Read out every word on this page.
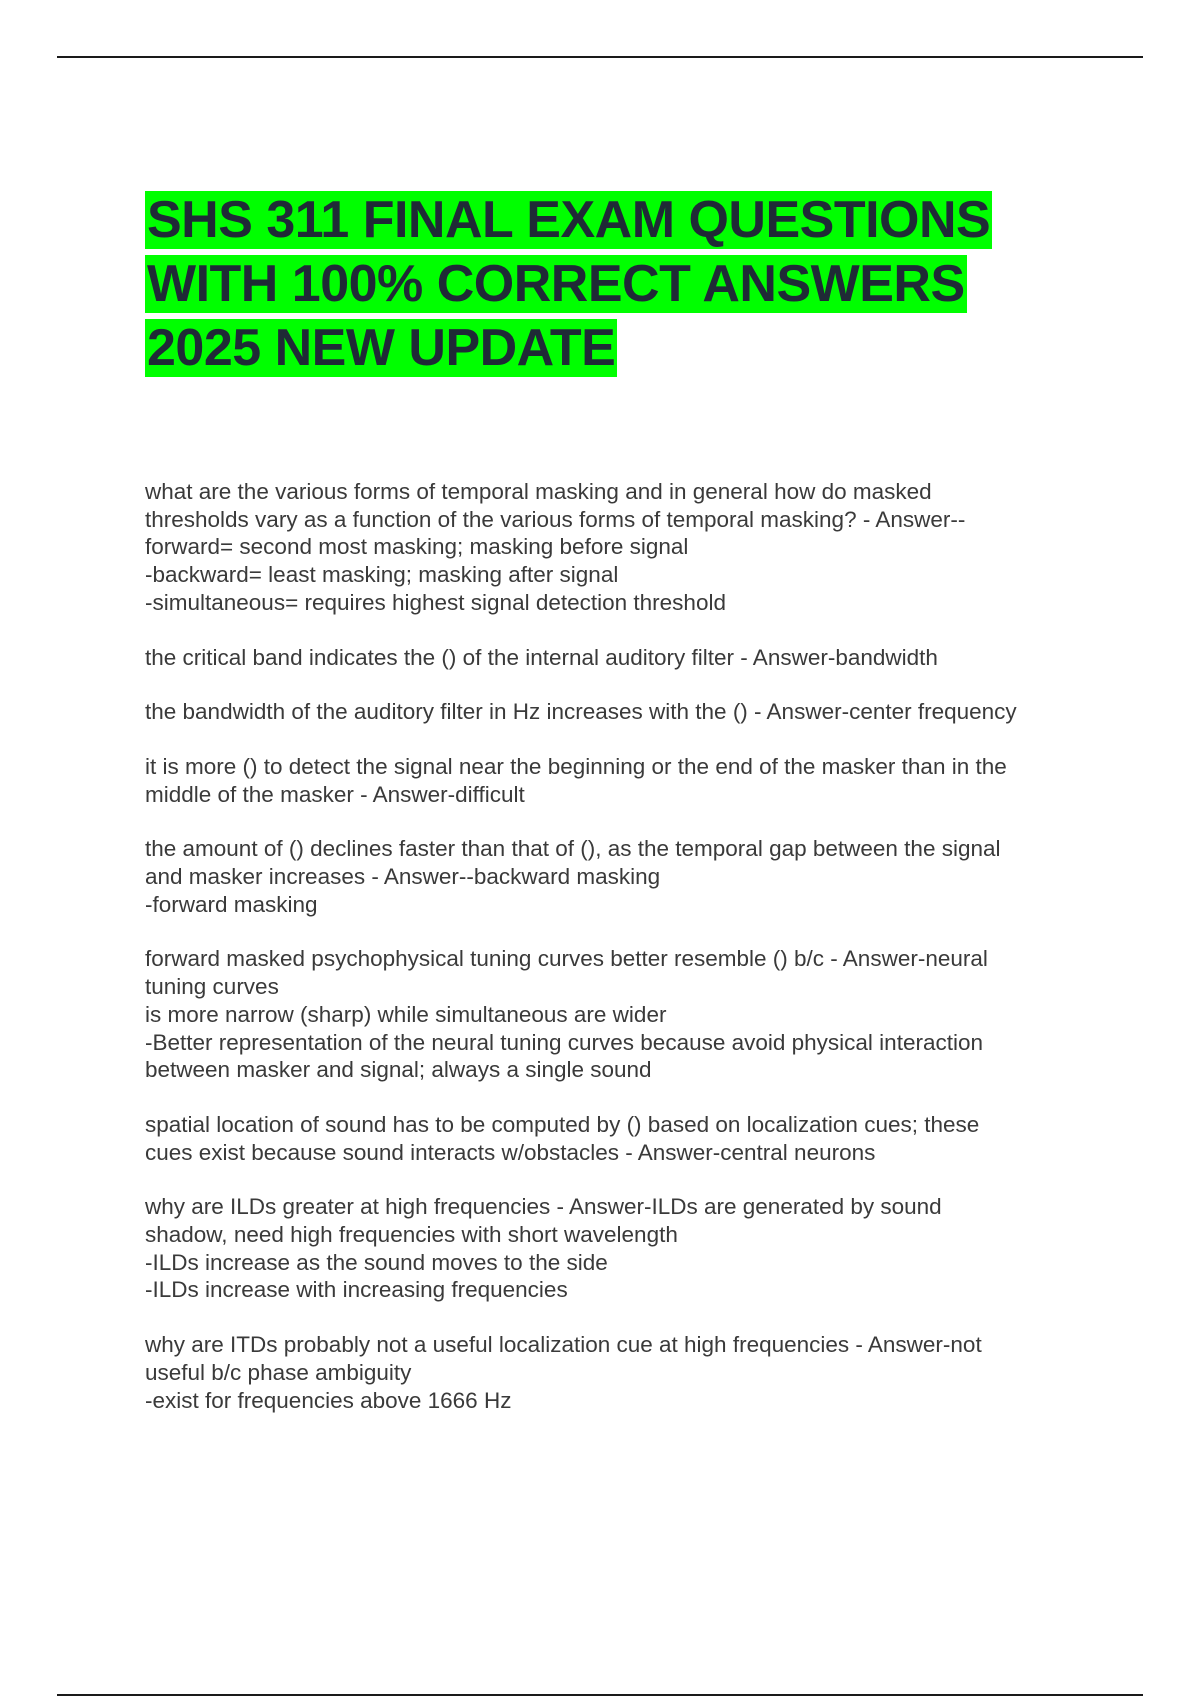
SHS 311 FINAL EXAM QUESTIONS
WITH 100% CORRECT ANSWERS
2025 NEW UPDATE

what are the various forms of temporal masking and in general how do masked
thresholds vary as a function of the various forms of temporal masking? - Answer--
forward= second most masking; masking before signal
-backward= least masking; masking after signal
-simultaneous= requires highest signal detection threshold

the critical band indicates the () of the internal auditory filter - Answer-bandwidth

the bandwidth of the auditory filter in Hz increases with the () - Answer-center frequency

it is more () to detect the signal near the beginning or the end of the masker than in the
middle of the masker - Answer-difficult

the amount of () declines faster than that of (), as the temporal gap between the signal
and masker increases - Answer--backward masking
-forward masking

forward masked psychophysical tuning curves better resemble () b/c - Answer-neural
tuning curves
is more narrow (sharp) while simultaneous are wider
-Better representation of the neural tuning curves because avoid physical interaction
between masker and signal; always a single sound

spatial location of sound has to be computed by () based on localization cues; these
cues exist because sound interacts w/obstacles - Answer-central neurons

why are ILDs greater at high frequencies - Answer-ILDs are generated by sound
shadow, need high frequencies with short wavelength
-ILDs increase as the sound moves to the side
-ILDs increase with increasing frequencies

why are ITDs probably not a useful localization cue at high frequencies - Answer-not
useful b/c phase ambiguity
-exist for frequencies above 1666 Hz
